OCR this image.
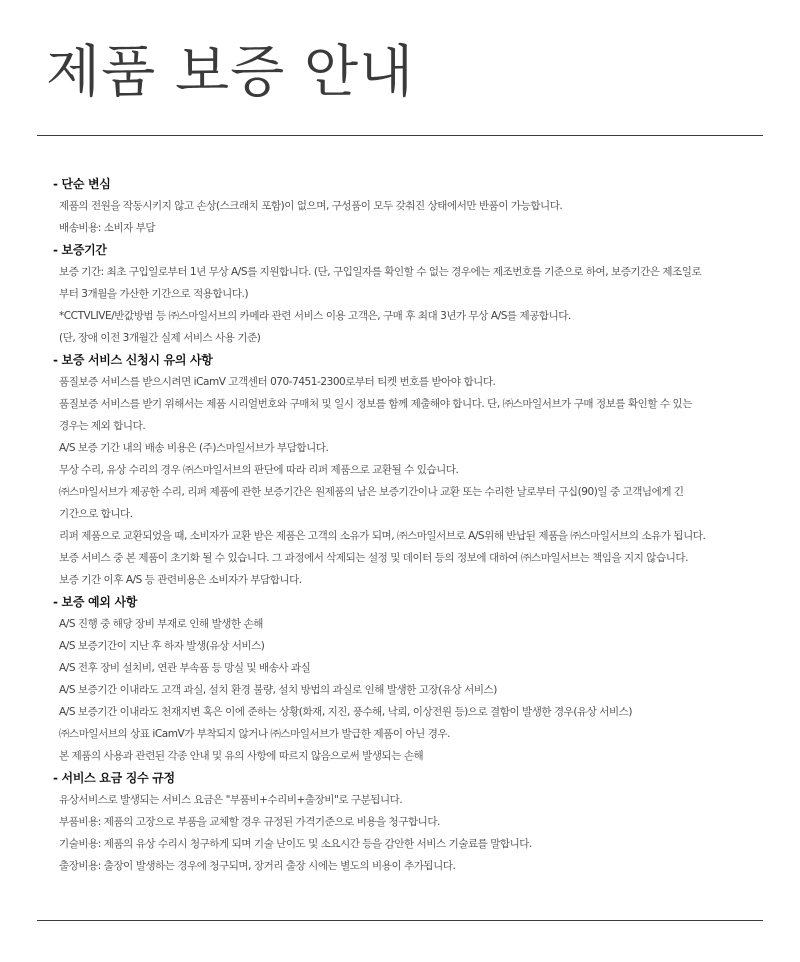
제품 보증 안내
- 단순 변심
제품의 전원을 작동시키지 않고 손상(스크래치 포함)이 없으며, 구성품이 모두 갖춰진 상태에서만 반품이 가능합니다.
배송비용: 소비자 부담
- 보증기간
보증 기간: 최초 구입일로부터 1년 무상 A/S를 지원합니다. (단, 구입일자를 확인할 수 없는 경우에는 제조번호를 기준으로 하여, 보증기간은 제조일로
부터 3개월을 가산한 기간으로 적용합니다.)
*CCTVLIVE/반값방범 등 ㈜스마일서브의 카메라 관련 서비스 이용 고객은, 구매 후 최대 3년가 무상 A/S를 제공합니다.
(단, 장애 이전 3개월간 실제 서비스 사용 기준)
- 보증 서비스 신청시 유의 사항
품질보증 서비스를 받으시려면 iCamV 고객센터 070-7451-2300로부터 티켓 번호를 받아야 합니다.
품질보증 서비스를 받기 위해서는 제품 시리얼번호와 구매처 및 일시 정보를 함께 제출해야 합니다. 단, ㈜스마일서브가 구매 정보를 확인할 수 있는
경우는 제외 합니다.
A/S 보증 기간 내의 배송 비용은 (주)스마일서브가 부담합니다.
무상 수리, 유상 수리의 경우 ㈜스마일서브의 판단에 따라 리퍼 제품으로 교환될 수 있습니다.
㈜스마일서브가 제공한 수리, 리퍼 제품에 관한 보증기간은 원제품의 남은 보증기간이나 교환 또는 수리한 날로부터 구십(90)일 중 고객님에게 긴
기간으로 합니다.
리퍼 제품으로 교환되었을 때, 소비자가 교환 받은 제품은 고객의 소유가 되며, ㈜스마일서브로 A/S위해 반납된 제품을 ㈜스마일서브의 소유가 됩니다.
보증 서비스 중 본 제품이 초기화 될 수 있습니다. 그 과정에서 삭제되는 설정 및 데이터 등의 정보에 대하여 ㈜스마일서브는 책임을 지지 않습니다.
보증 기간 이후 A/S 등 관련비용은 소비자가 부담합니다.
- 보증 예외 사항
A/S 진행 중 해당 장비 부재로 인해 발생한 손해
A/S 보증기간이 지난 후 하자 발생(유상 서비스)
A/S 전후 장비 설치비, 연관 부속품 등 망실 및 배송사 과실
A/S 보증기간 이내라도 고객 과실, 설치 환경 불량, 설치 방법의 과실로 인해 발생한 고장(유상 서비스)
A/S 보증기간 이내라도 천재지변 혹은 이에 준하는 상황(화재, 지진, 풍수해, 낙뢰, 이상전원 등)으로 결함이 발생한 경우(유상 서비스)
㈜스마일서브의 상표 iCamV가 부착되지 않거나 ㈜스마일서브가 발급한 제품이 아닌 경우.
본 제품의 사용과 관련된 각종 안내 및 유의 사항에 따르지 않음으로써 발생되는 손해
- 서비스 요금 징수 규정
유상서비스로 발생되는 서비스 요금은 "부품비+수리비+출장비"로 구분됩니다.
부품비용: 제품의 고장으로 부품을 교체할 경우 규정된 가격기준으로 비용을 청구합니다.
기술비용: 제품의 유상 수리시 청구하게 되며 기술 난이도 및 소요시간 등을 감안한 서비스 기술료를 말합니다.
출장비용: 출장이 발생하는 경우에 청구되며, 장거리 출장 시에는 별도의 비용이 추가됩니다.
